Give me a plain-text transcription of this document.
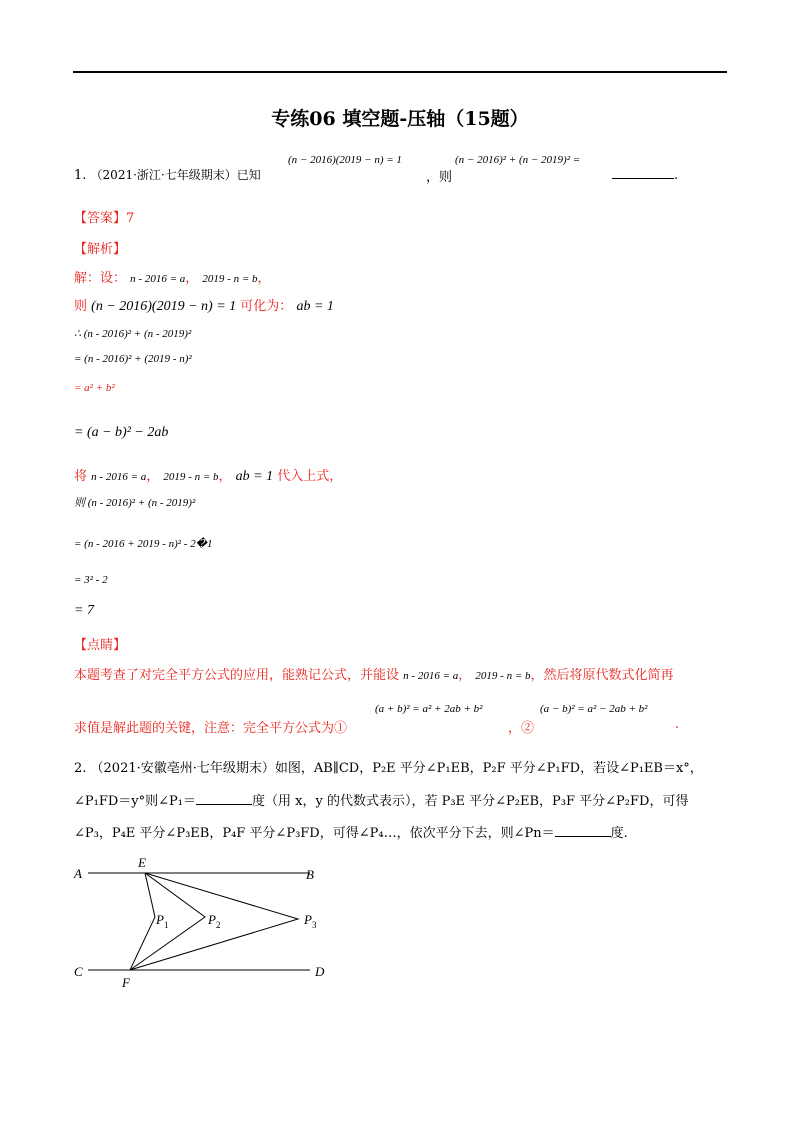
专练06 填空题-压轴（15题）
1. （2021·浙江·七年级期末）已知
(n − 2016)(2019 − n) = 1
，则
(n − 2016)² + (n − 2019)² =
.
【答案】7
【解析】
解：设： n - 2016 = a， 2019 - n = b，
则 (n − 2016)(2019 − n) = 1 可化为： ab = 1
∴ (n - 2016)² + (n - 2019)²
= (n - 2016)² + (2019 - n)²
= a² + b²
= (a − b)² − 2ab
将 n - 2016 = a， 2019 - n = b， ab = 1 代入上式，
则 (n - 2016)² + (n - 2019)²
= (n - 2016 + 2019 - n)² - 2�1
= 3² - 2
= 7
【点睛】
本题考查了对完全平方公式的应用，能熟记公式，并能设 n - 2016 = a， 2019 - n = b，然后将原代数式化简再
求值是解此题的关键，注意：完全平方公式为①
(a + b)² = a² + 2ab + b²
，②
(a − b)² = a² − 2ab + b²
.
2. （2021·安徽亳州·七年级期末）如图，AB∥CD，P₂E 平分∠P₁EB，P₂F 平分∠P₁FD，若设∠P₁EB＝x°，
∠P₁FD＝y°则∠P₁＝	度（用 x，y 的代数式表示），若 P₃E 平分∠P₂EB，P₃F 平分∠P₂FD，可得
∠P₃，P₄E 平分∠P₃EB，P₄F 平分∠P₃FD，可得∠P₄…，依次平分下去，则∠Pn＝	度.
A	B
C	D
E
F
$P_1$	$P_2$	$P_3$
